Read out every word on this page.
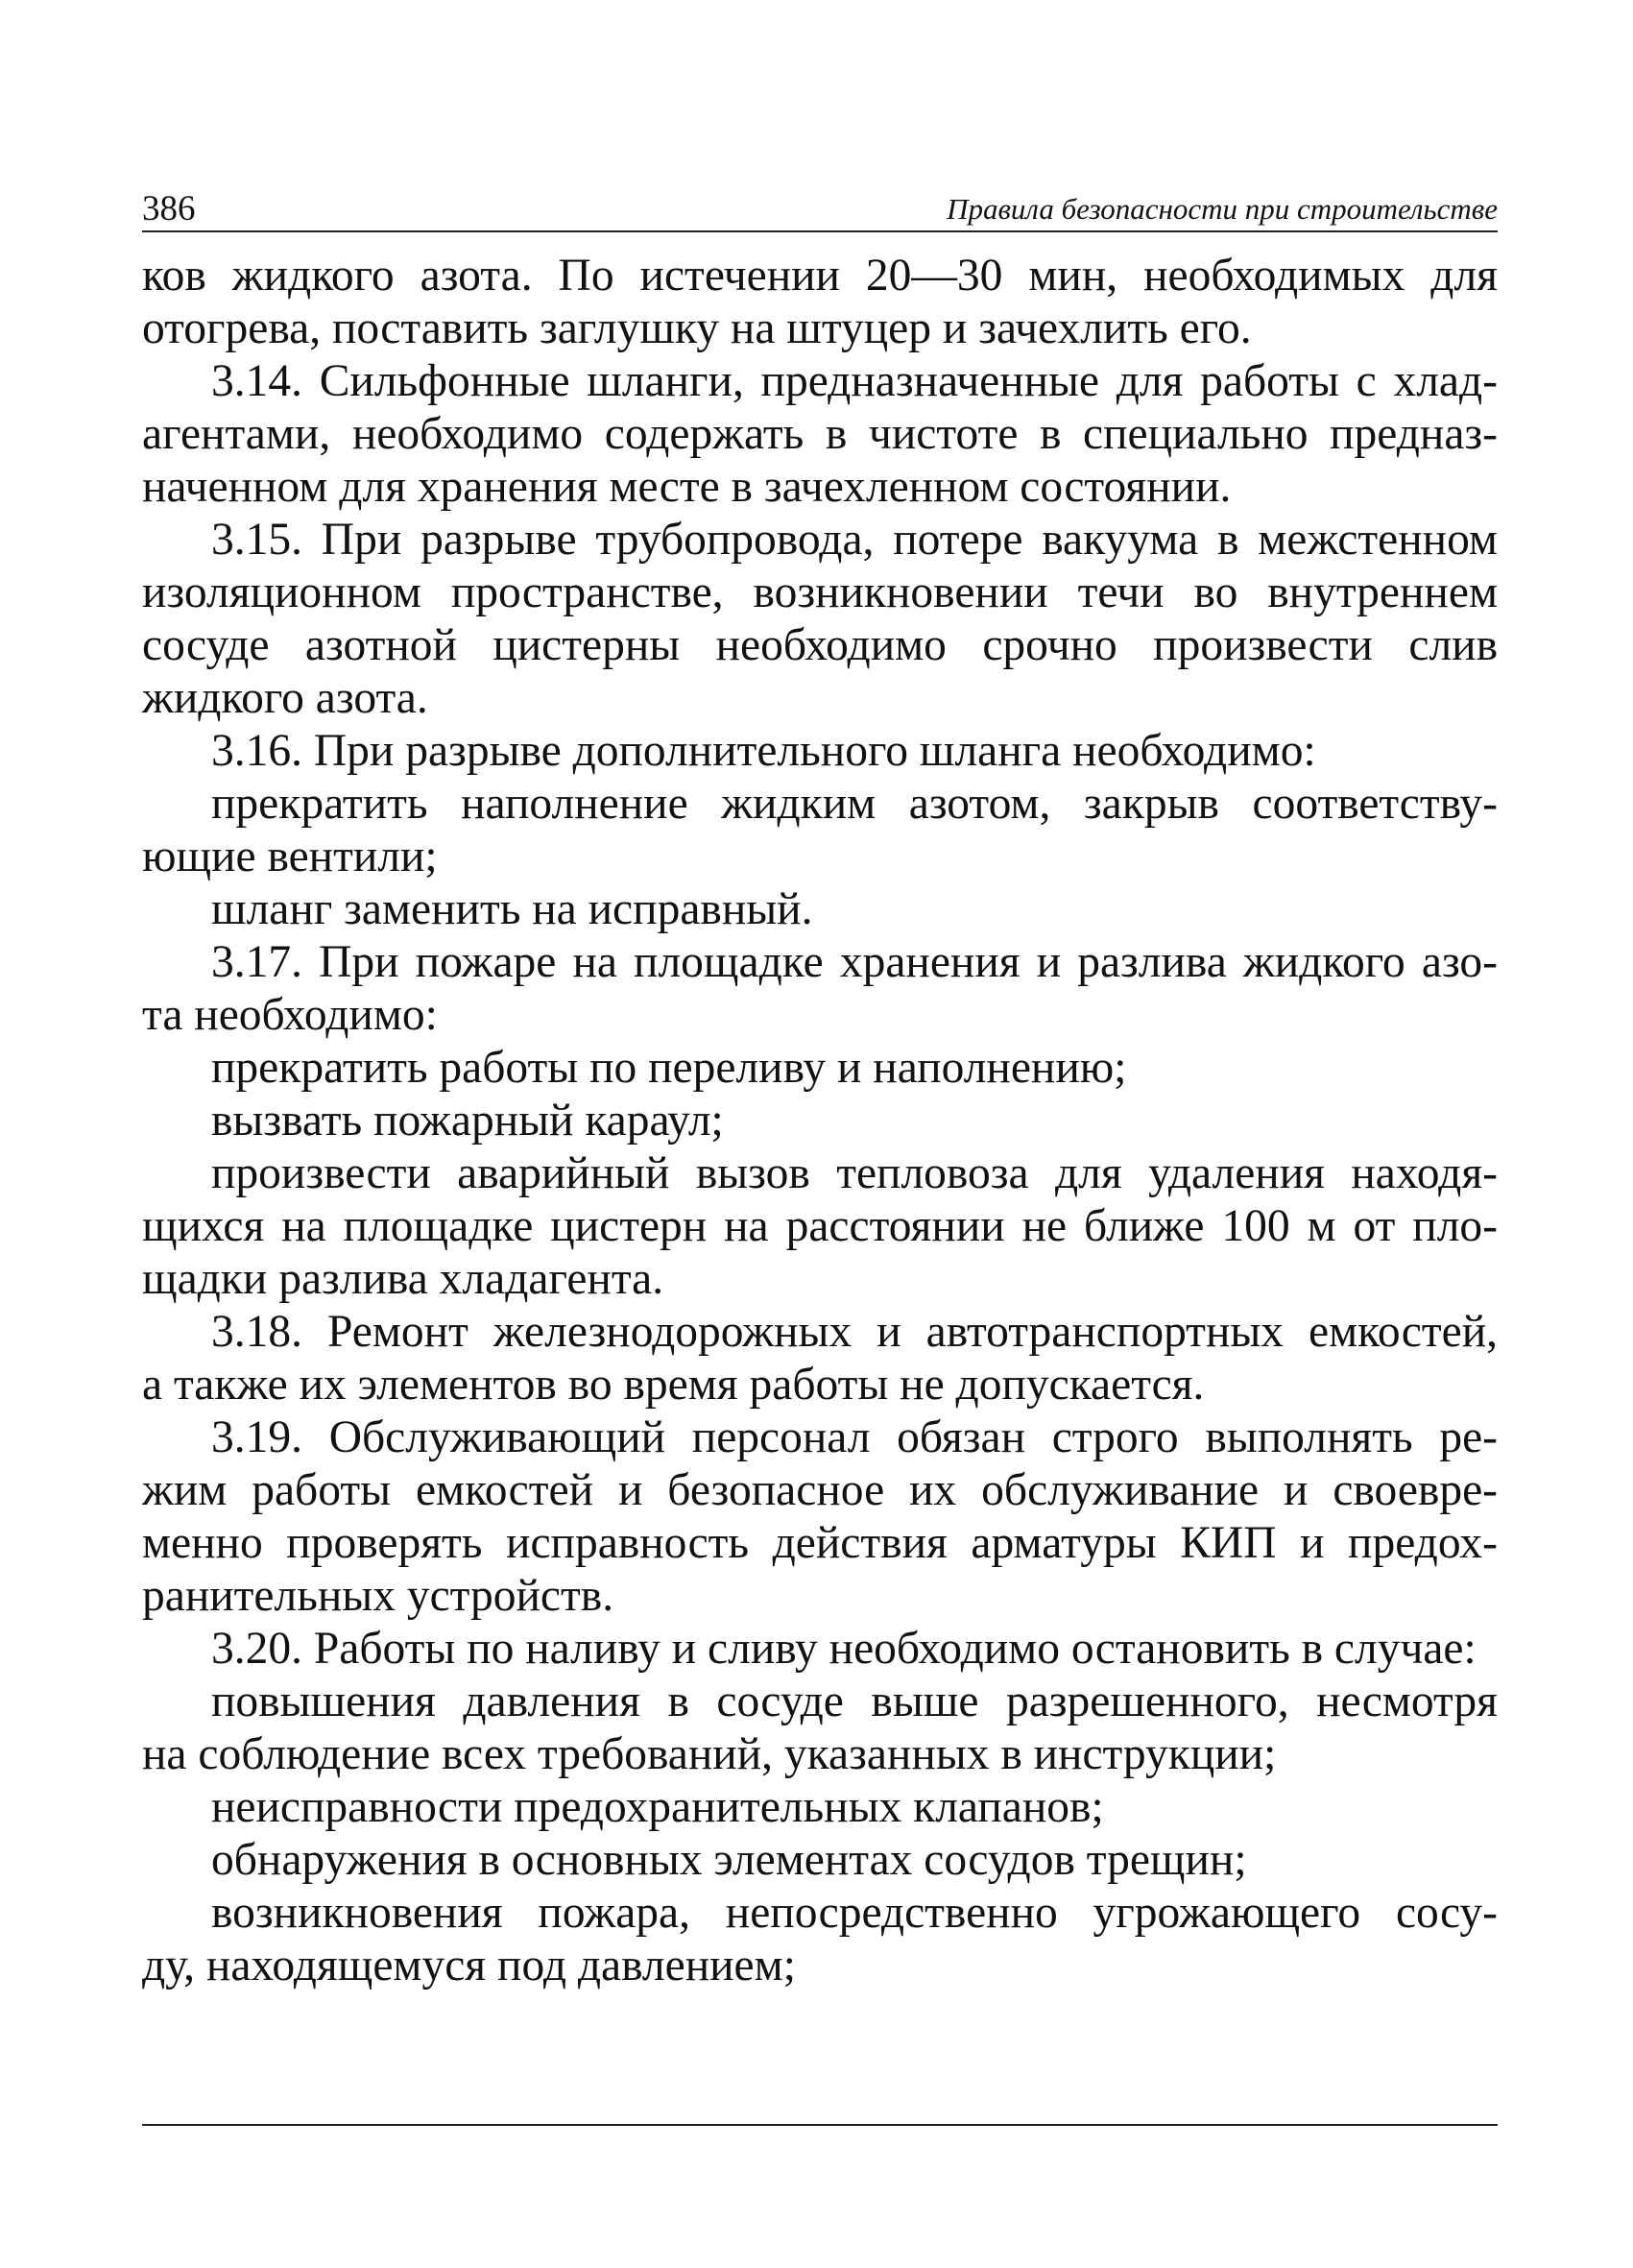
386	Правила безопасности при строительстве
ков жидкого азота. По истечении 20—30 мин, необходимых для
отогрева, поставить заглушку на штуцер и зачехлить его.
3.14. Сильфонные шланги, предназначенные для работы с хлад-
агентами, необходимо содержать в чистоте в специально предназ-
наченном для хранения месте в зачехленном состоянии.
3.15. При разрыве трубопровода, потере вакуума в межстенном
изоляционном пространстве, возникновении течи во внутреннем
сосуде азотной цистерны необходимо срочно произвести слив
жидкого азота.
3.16. При разрыве дополнительного шланга необходимо:
прекратить наполнение жидким азотом, закрыв соответству-
ющие вентили;
шланг заменить на исправный.
3.17. При пожаре на площадке хранения и разлива жидкого азо-
та необходимо:
прекратить работы по переливу и наполнению;
вызвать пожарный караул;
произвести аварийный вызов тепловоза для удаления находя-
щихся на площадке цистерн на расстоянии не ближе 100 м от пло-
щадки разлива хладагента.
3.18. Ремонт железнодорожных и автотранспортных емкостей,
а также их элементов во время работы не допускается.
3.19. Обслуживающий персонал обязан строго выполнять ре-
жим работы емкостей и безопасное их обслуживание и своевре-
менно проверять исправность действия арматуры КИП и предох-
ранительных устройств.
3.20. Работы по наливу и сливу необходимо остановить в случае:
повышения давления в сосуде выше разрешенного, несмотря
на соблюдение всех требований, указанных в инструкции;
неисправности предохранительных клапанов;
обнаружения в основных элементах сосудов трещин;
возникновения пожара, непосредственно угрожающего сосу-
ду, находящемуся под давлением;
